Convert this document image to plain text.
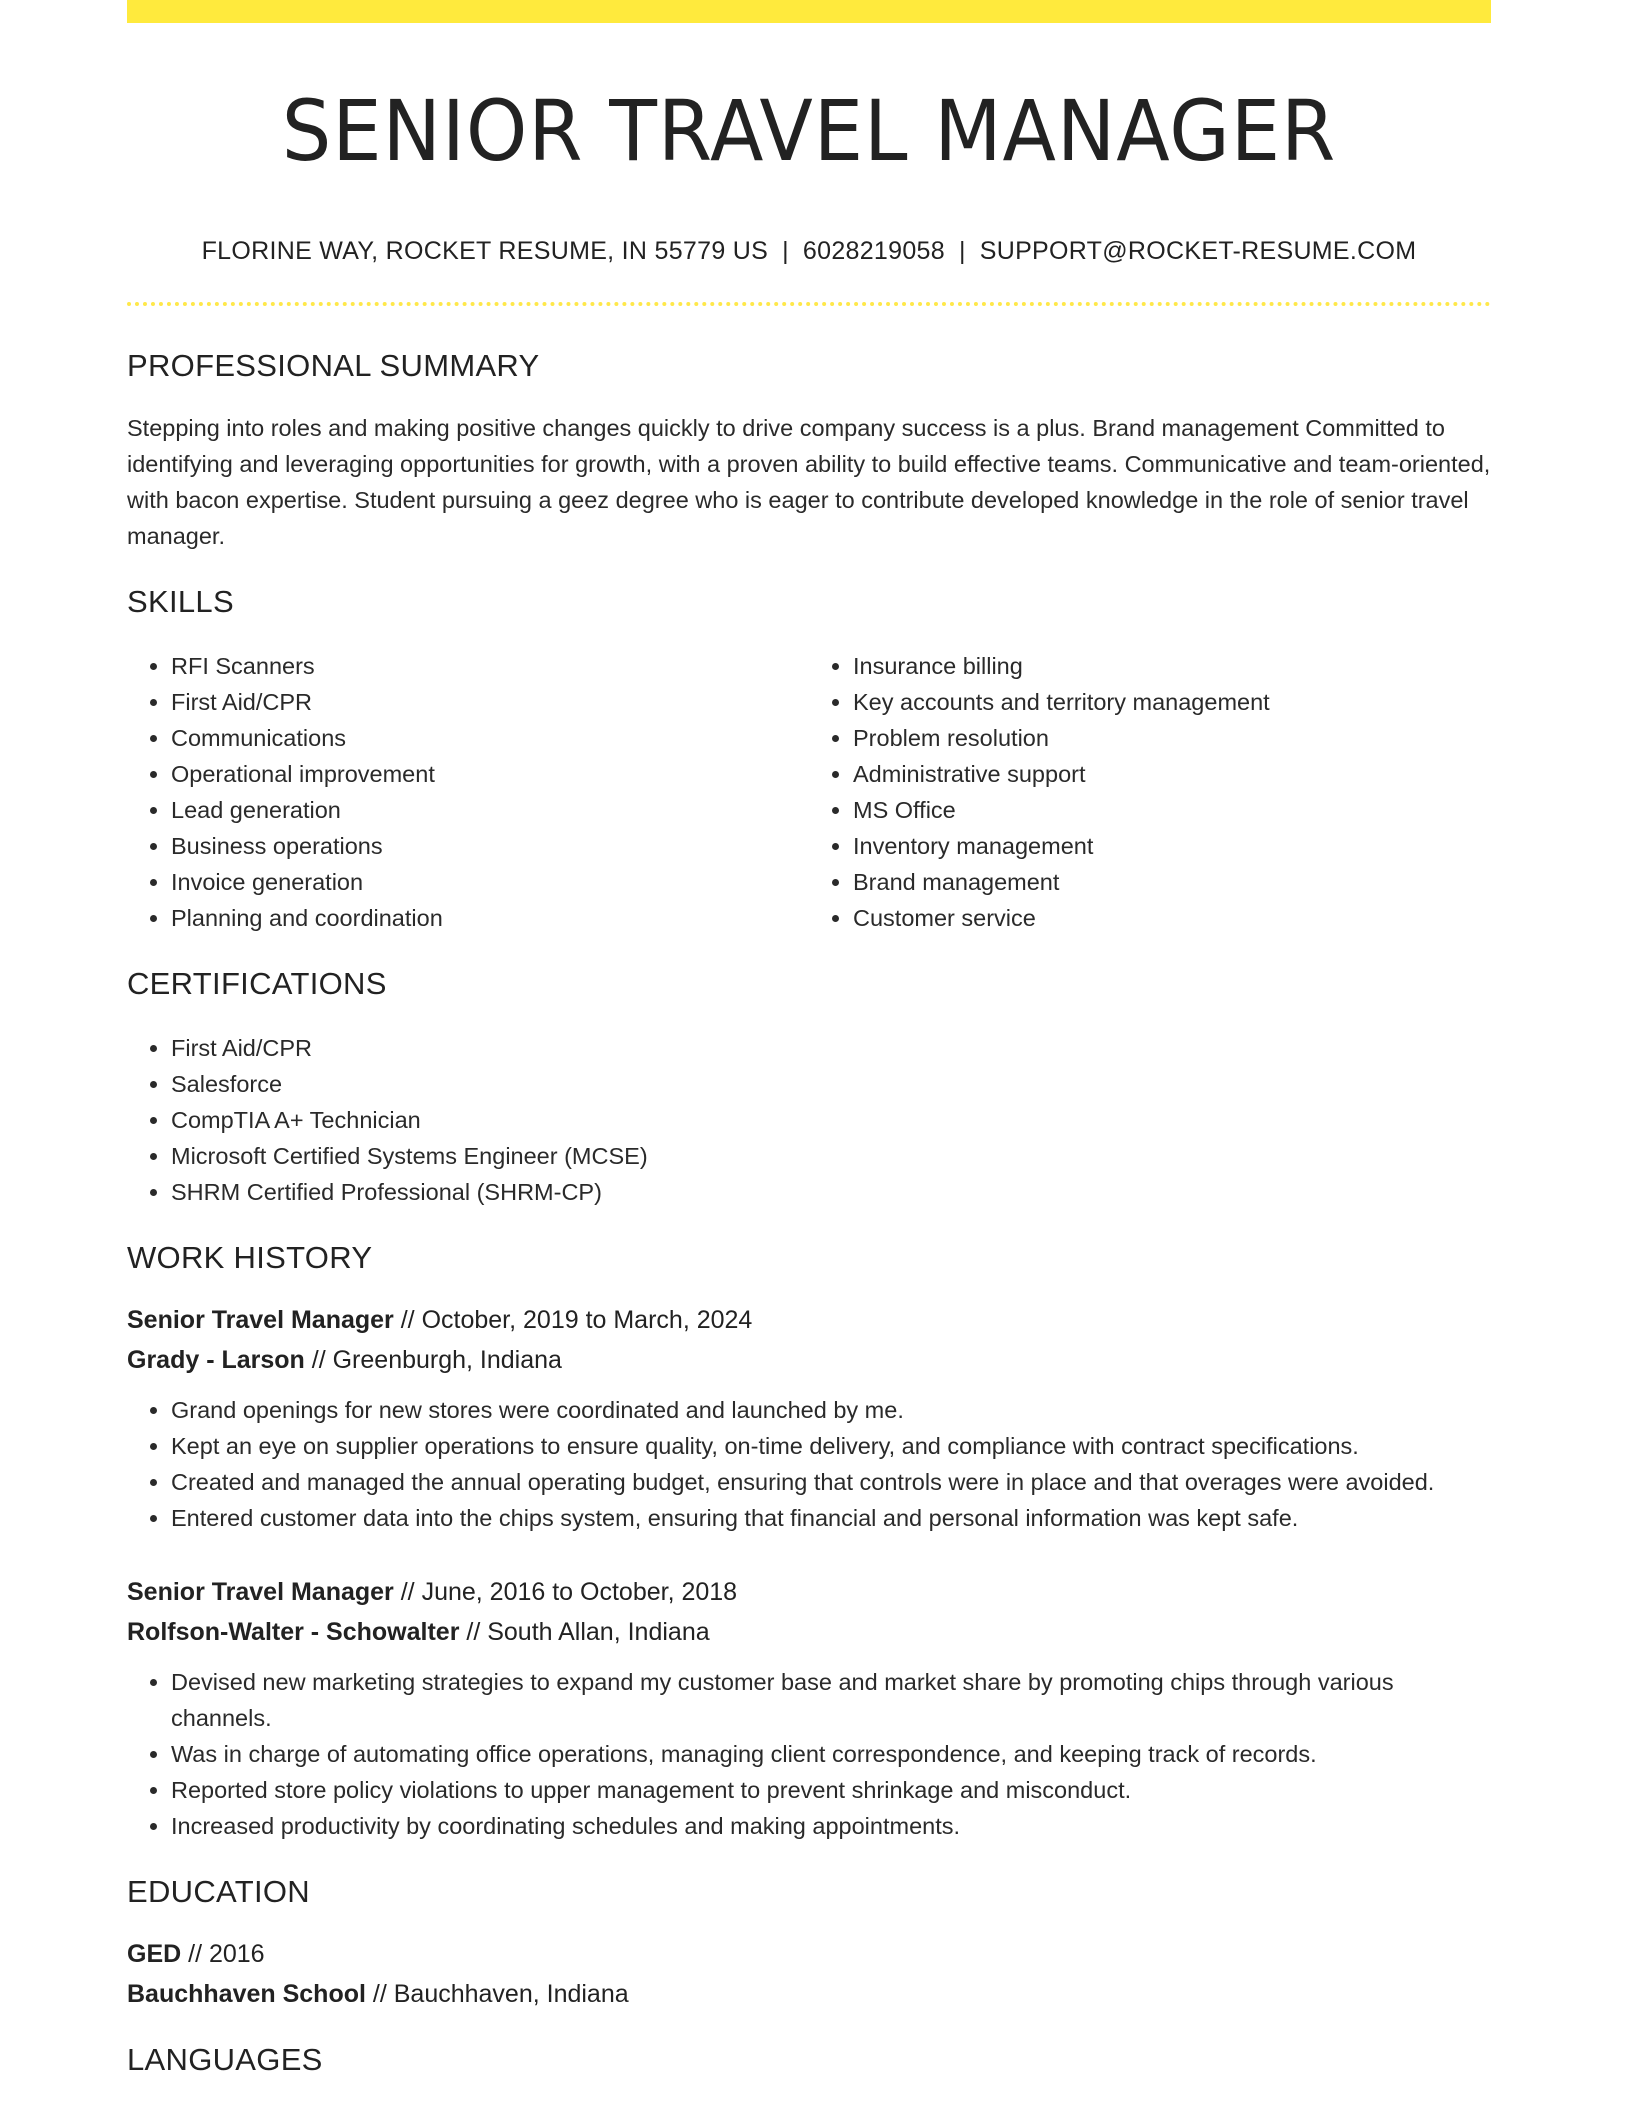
SENIOR TRAVEL MANAGER
FLORINE WAY, ROCKET RESUME, IN 55779 US | 6028219058 | SUPPORT@ROCKET-RESUME.COM
PROFESSIONAL SUMMARY
Stepping into roles and making positive changes quickly to drive company success is a plus. Brand management Committed to identifying and leveraging opportunities for growth, with a proven ability to build effective teams. Communicative and team-oriented, with bacon expertise. Student pursuing a geez degree who is eager to contribute developed knowledge in the role of senior travel manager.
SKILLS
• RFI Scanners
• First Aid/CPR
• Communications
• Operational improvement
• Lead generation
• Business operations
• Invoice generation
• Planning and coordination
• Insurance billing
• Key accounts and territory management
• Problem resolution
• Administrative support
• MS Office
• Inventory management
• Brand management
• Customer service
CERTIFICATIONS
• First Aid/CPR
• Salesforce
• CompTIA A+ Technician
• Microsoft Certified Systems Engineer (MCSE)
• SHRM Certified Professional (SHRM-CP)
WORK HISTORY
Senior Travel Manager // October, 2019 to March, 2024
Grady - Larson // Greenburgh, Indiana
• Grand openings for new stores were coordinated and launched by me.
• Kept an eye on supplier operations to ensure quality, on-time delivery, and compliance with contract specifications.
• Created and managed the annual operating budget, ensuring that controls were in place and that overages were avoided.
• Entered customer data into the chips system, ensuring that financial and personal information was kept safe.
Senior Travel Manager // June, 2016 to October, 2018
Rolfson-Walter - Schowalter // South Allan, Indiana
• Devised new marketing strategies to expand my customer base and market share by promoting chips through various channels.
• Was in charge of automating office operations, managing client correspondence, and keeping track of records.
• Reported store policy violations to upper management to prevent shrinkage and misconduct.
• Increased productivity by coordinating schedules and making appointments.
EDUCATION
GED // 2016
Bauchhaven School // Bauchhaven, Indiana
LANGUAGES
